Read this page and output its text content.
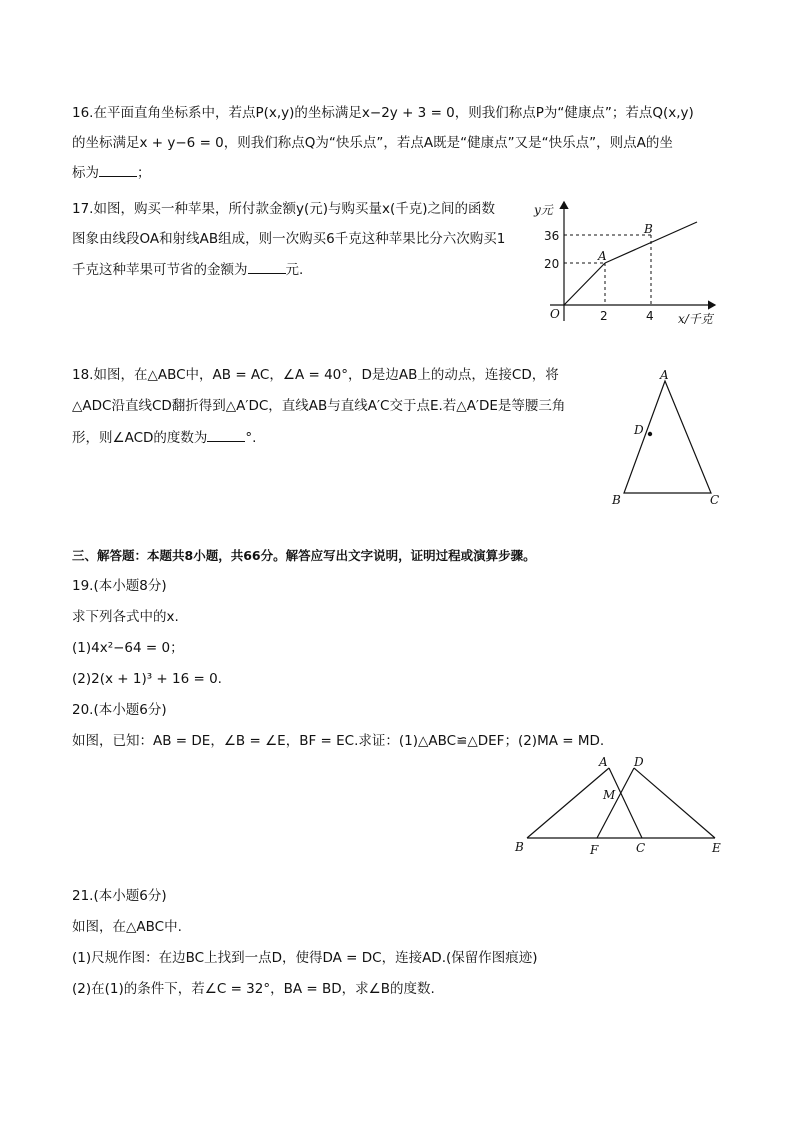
16.在平面直角坐标系中，若点P(x,y)的坐标满足x−2y + 3 = 0，则我们称点P为“健康点”；若点Q(x,y)
的坐标满足x + y−6 = 0，则我们称点Q为“快乐点”，若点A既是“健康点”又是“快乐点”，则点A的坐
标为	；
17.如图，购买一种苹果，所付款金额y(元)与购买量x(千克)之间的函数
图象由线段OA和射线AB组成，则一次购买6千克这种苹果比分六次购买1
千克这种苹果可节省的金额为	元.
y元
x/千克
O
A
B
36
20
2	4
18.如图，在△ABC中，AB = AC，∠A = 40°，D是边AB上的动点，连接CD，将
△ADC沿直线CD翻折得到△A′DC，直线AB与直线A′C交于点E.若△A′DE是等腰三角
形，则∠ACD的度数为	°.
A
B	C
D
三、解答题：本题共8小题，共66分。解答应写出文字说明，证明过程或演算步骤。
19.(本小题8分)
求下列各式中的x.
(1)4x²−64 = 0；
(2)2(x + 1)³ + 16 = 0.
20.(本小题6分)
如图，已知：AB = DE，∠B = ∠E，BF = EC.求证：(1)△ABC≌△DEF；(2)MA = MD.
A D
M
B	F	C	E
21.(本小题6分)
如图，在△ABC中.
(1)尺规作图：在边BC上找到一点D，使得DA = DC，连接AD.(保留作图痕迹)
(2)在(1)的条件下，若∠C = 32°，BA = BD，求∠B的度数.
